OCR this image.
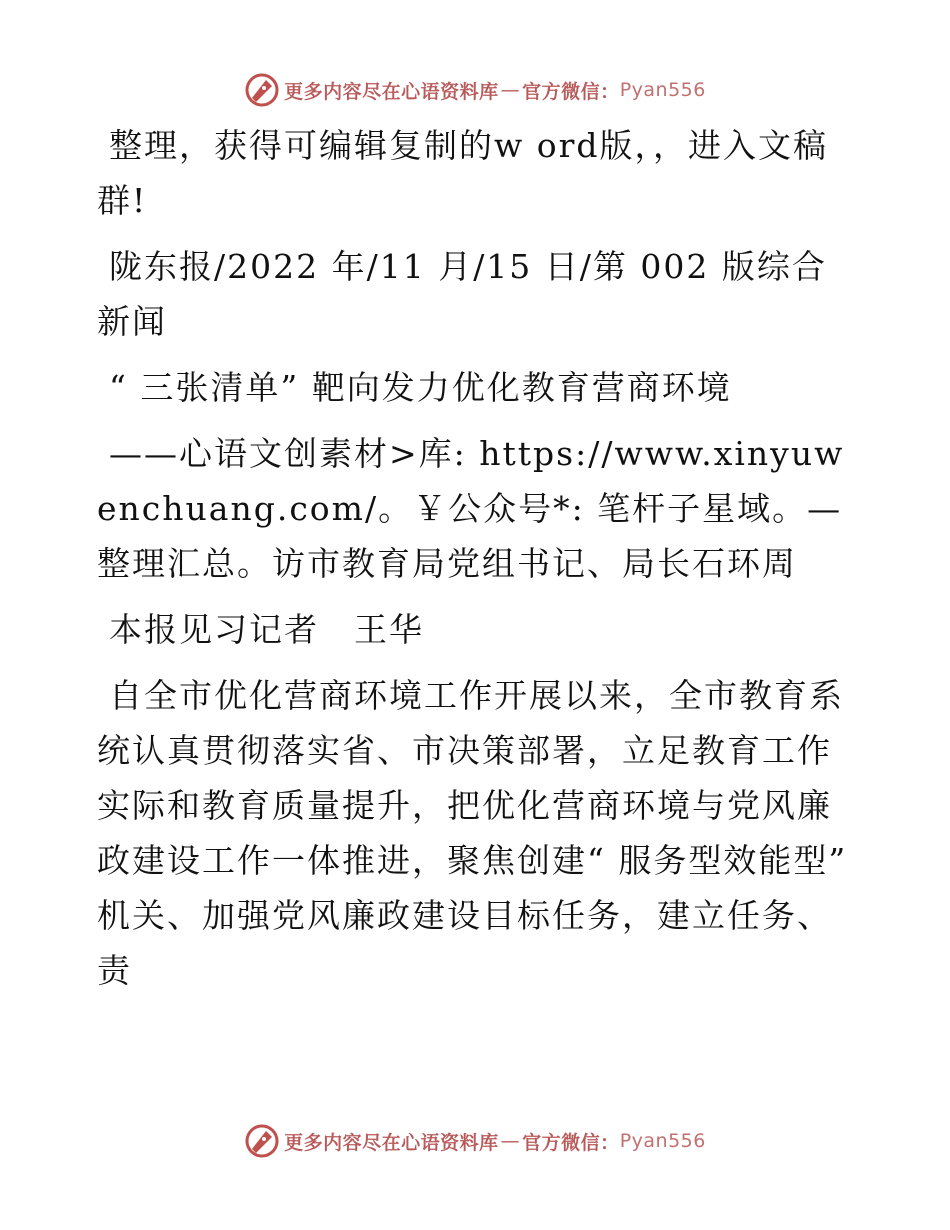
更多内容尽在心语资料库 — 官方微信： Pyan556

整理，获得可编辑复制的w ord版，，进入文稿群!

陇东报/2022 年/11 月/15 日/第 002 版综合新闻

“ 三张清单” 靶向发力优化教育营商环境

——心语文创素材>库: https://www.xinyuwenchuang.com/。￥公众号*: 笔杆子星域。—整理汇总。访市教育局党组书记、局长石环周

本报见习记者　王华

自全市优化营商环境工作开展以来，全市教育系统认真贯彻落实省、市决策部署，立足教育工作实际和教育质量提升，把优化营商环境与党风廉政建设工作一体推进，聚焦创建“ 服务型效能型” 机关、加强党风廉政建设目标任务，建立任务、责

更多内容尽在心语资料库 — 官方微信： Pyan556
